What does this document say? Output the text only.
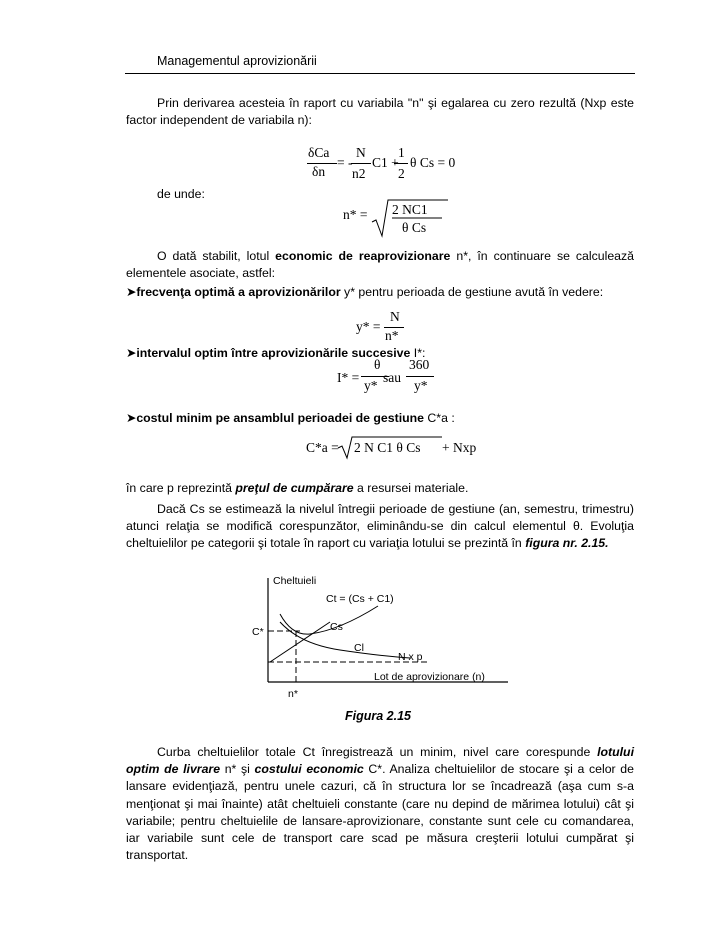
Managementul aprovizionării
Prin derivarea acesteia în raport cu variabila "n" şi egalarea cu zero rezultă (Nxp este factor independent de variabila n):
δCa
δn
= -
N
n2
C1 +
1
2
θ Cs = 0
de unde:
n* = 2 NC1
θ Cs
O dată stabilit, lotul economic de reaprovizionare n*, în continuare se calculează elementele asociate, astfel:
➤frecvenţa optimă a aprovizionărilor y* pentru perioada de gestiune avută în vedere:
y* =
N
n*
➤intervalul optim între aprovizionările succesive I*:
I* =
θ
y*
sau
360
y*
➤costul minim pe ansamblul perioadei de gestiune C*a :
C*a = 2 N C1 θ Cs + Nxp
în care p reprezintă preţul de cumpărare a resursei materiale.
Dacă Cs se estimează la nivelul întregii perioade de gestiune (an, semestru, trimestru) atunci relaţia se modifică corespunzător, eliminându-se din calcul elementul θ. Evoluţia cheltuielilor pe categorii şi totale în raport cu variaţia lotului se prezintă în figura nr. 2.15.
Cheltuieli
Ct = (Cs + C1)
Cs
Cl
N x p
C*
Lot de aprovizionare (n)
n*
Figura 2.15
Curba cheltuielilor totale Ct înregistrează un minim, nivel care corespunde lotului optim de livrare n* şi costului economic C*. Analiza cheltuielilor de stocare şi a celor de lansare evidenţiază, pentru unele cazuri, că în structura lor se încadrează (aşa cum s-a menţionat şi mai înainte) atât cheltuieli constante (care nu depind de mărimea lotului) cât şi variabile; pentru cheltuielile de lansare-aprovizionare, constante sunt cele cu comandarea, iar variabile sunt cele de transport care scad pe măsura creşterii lotului cumpărat şi transportat.
